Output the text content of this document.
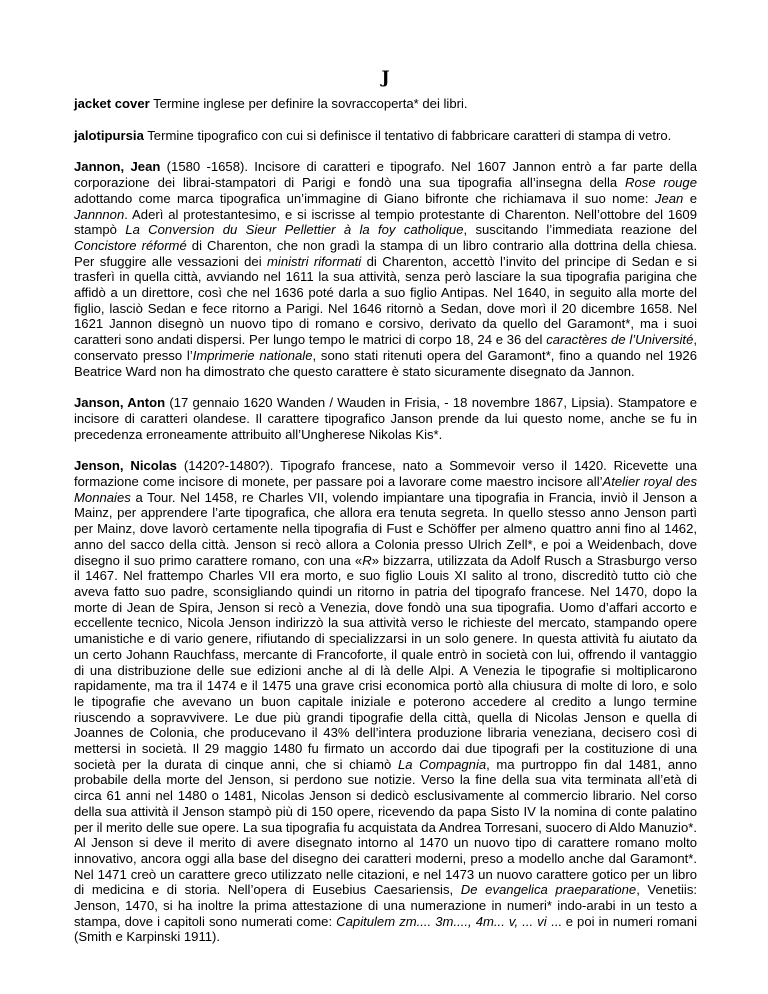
J

jacket cover Termine inglese per definire la sovraccoperta* dei libri.

jalotipursia Termine tipografico con cui si definisce il tentativo di fabbricare caratteri di stampa di vetro.

Jannon, Jean (1580 -1658). Incisore di caratteri e tipografo. Nel 1607 Jannon entrò a far parte della corporazione dei librai-stampatori di Parigi e fondò una sua tipografia all’insegna della Rose rouge adottando come marca tipografica un’immagine di Giano bifronte che richiamava il suo nome: Jean e Jannnon. Aderì al protestantesimo, e si iscrisse al tempio protestante di Charenton. Nell’ottobre del 1609 stampò La Conversion du Sieur Pellettier à la foy catholique, suscitando l’immediata reazione del Concistore réformé di Charenton, che non gradì la stampa di un libro contrario alla dottrina della chiesa. Per sfuggire alle vessazioni dei ministri riformati di Charenton, accettò l’invito del principe di Sedan e si trasferì in quella città, avviando nel 1611 la sua attività, senza però lasciare la sua tipografia parigina che affidò a un direttore, così che nel 1636 poté darla a suo figlio Antipas. Nel 1640, in seguito alla morte del figlio, lasciò Sedan e fece ritorno a Parigi. Nel 1646 ritornò a Sedan, dove morì il 20 dicembre 1658. Nel 1621 Jannon disegnò un nuovo tipo di romano e corsivo, derivato da quello del Garamont*, ma i suoi caratteri sono andati dispersi. Per lungo tempo le matrici di corpo 18, 24 e 36 del caractères de l’Université, conservato presso l’Imprimerie nationale, sono stati ritenuti opera del Garamont*, fino a quando nel 1926 Beatrice Ward non ha dimostrato che questo carattere è stato sicuramente disegnato da Jannon.

Janson, Anton (17 gennaio 1620 Wanden / Wauden in Frisia, - 18 novembre 1867, Lipsia). Stampatore e incisore di caratteri olandese. Il carattere tipografico Janson prende da lui questo nome, anche se fu in precedenza erroneamente attribuito all’Ungherese Nikolas Kis*.

Jenson, Nicolas (1420?-1480?). Tipografo francese, nato a Sommevoir verso il 1420. Ricevette una formazione come incisore di monete, per passare poi a lavorare come maestro incisore all’Atelier royal des Monnaies a Tour. Nel 1458, re Charles VII, volendo impiantare una tipografia in Francia, inviò il Jenson a Mainz, per apprendere l’arte tipografica, che allora era tenuta segreta. In quello stesso anno Jenson partì per Mainz, dove lavorò certamente nella tipografia di Fust e Schöffer per almeno quattro anni fino al 1462, anno del sacco della città. Jenson si recò allora a Colonia presso Ulrich Zell*, e poi a Weidenbach, dove disegno il suo primo carattere romano, con una «R» bizzarra, utilizzata da Adolf Rusch a Strasburgo verso il 1467. Nel frattempo Charles VII era morto, e suo figlio Louis XI salito al trono, discreditò tutto ciò che aveva fatto suo padre, sconsigliando quindi un ritorno in patria del tipografo francese. Nel 1470, dopo la morte di Jean de Spira, Jenson si recò a Venezia, dove fondò una sua tipografia. Uomo d’affari accorto e eccellente tecnico, Nicola Jenson indirizzò la sua attività verso le richieste del mercato, stampando opere umanistiche e di vario genere, rifiutando di specializzarsi in un solo genere. In questa attività fu aiutato da un certo Johann Rauchfass, mercante di Francoforte, il quale entrò in società con lui, offrendo il vantaggio di una distribuzione delle sue edizioni anche al di là delle Alpi. A Venezia le tipografie si moltiplicarono rapidamente, ma tra il 1474 e il 1475 una grave crisi economica portò alla chiusura di molte di loro, e solo le tipografie che avevano un buon capitale iniziale e poterono accedere al credito a lungo termine riuscendo a sopravvivere. Le due più grandi tipografie della città, quella di Nicolas Jenson e quella di Joannes de Colonia, che producevano il 43% dell’intera produzione libraria veneziana, decisero così di mettersi in società. Il 29 maggio 1480 fu firmato un accordo dai due tipografi per la costituzione di una società per la durata di cinque anni, che si chiamò La Compagnia, ma purtroppo fin dal 1481, anno probabile della morte del Jenson, si perdono sue notizie. Verso la fine della sua vita terminata all’età di circa 61 anni nel 1480 o 1481, Nicolas Jenson si dedicò esclusivamente al commercio librario. Nel corso della sua attività il Jenson stampò più di 150 opere, ricevendo da papa Sisto IV la nomina di conte palatino per il merito delle sue opere. La sua tipografia fu acquistata da Andrea Torresani, suocero di Aldo Manuzio*. Al Jenson si deve il merito di avere disegnato intorno al 1470 un nuovo tipo di carattere romano molto innovativo, ancora oggi alla base del disegno dei caratteri moderni, preso a modello anche dal Garamont*. Nel 1471 creò un carattere greco utilizzato nelle citazioni, e nel 1473 un nuovo carattere gotico per un libro di medicina e di storia. Nell’opera di Eusebius Caesariensis, De evangelica praeparatione, Venetiis: Jenson, 1470, si ha inoltre la prima attestazione di una numerazione in numeri* indo-arabi in un testo a stampa, dove i capitoli sono numerati come: Capitulem zm.... 3m...., 4m... v, ... vi ... e poi in numeri romani (Smith e Karpinski 1911).
